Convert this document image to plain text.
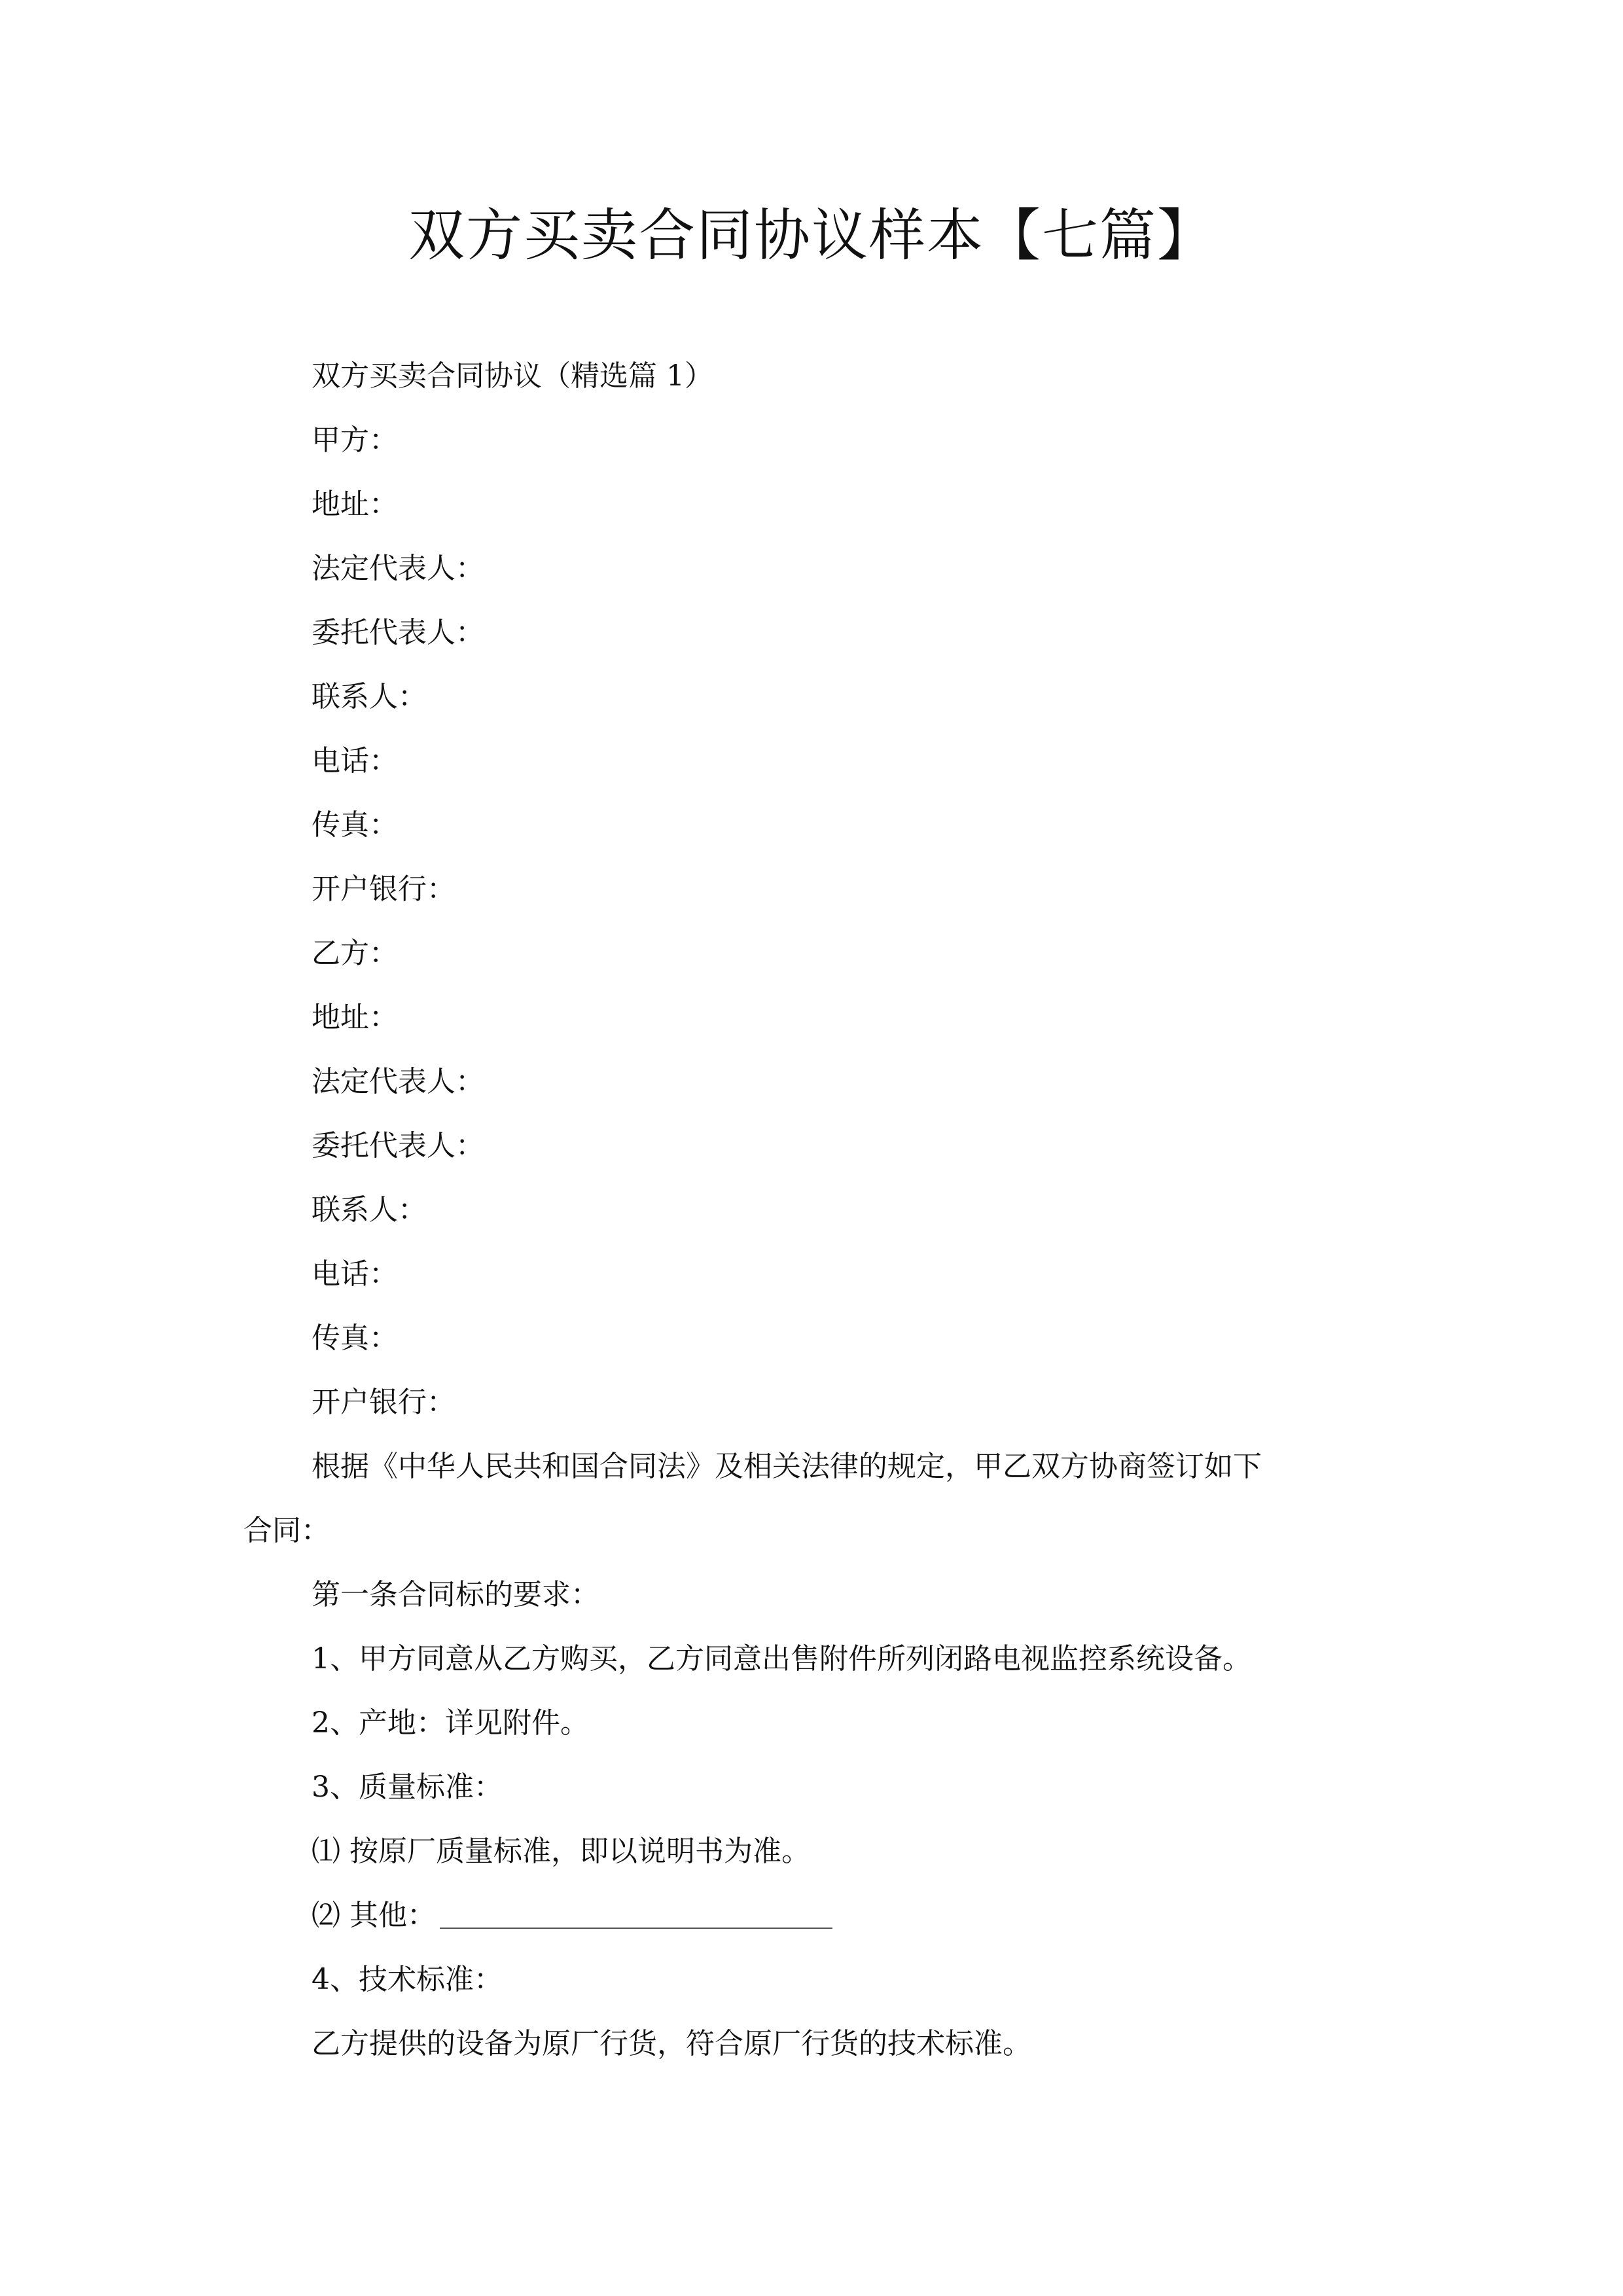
双方买卖合同协议样本【七篇】
双方买卖合同协议（精选篇 1）
甲方：
地址：
法定代表人：
委托代表人：
联系人：
电话：
传真：
开户银行：
乙方：
地址：
法定代表人：
委托代表人：
联系人：
电话：
传真：
开户银行：
根据《中华人民共和国合同法》及相关法律的规定，甲乙双方协商签订如下
合同：
第一条合同标的要求：
1、甲方同意从乙方购买，乙方同意出售附件所列闭路电视监控系统设备。
2、产地：详见附件。
3、质量标准：
⑴ 按原厂质量标准，即以说明书为准。
⑵ 其他：
4、技术标准：
乙方提供的设备为原厂行货，符合原厂行货的技术标准。
